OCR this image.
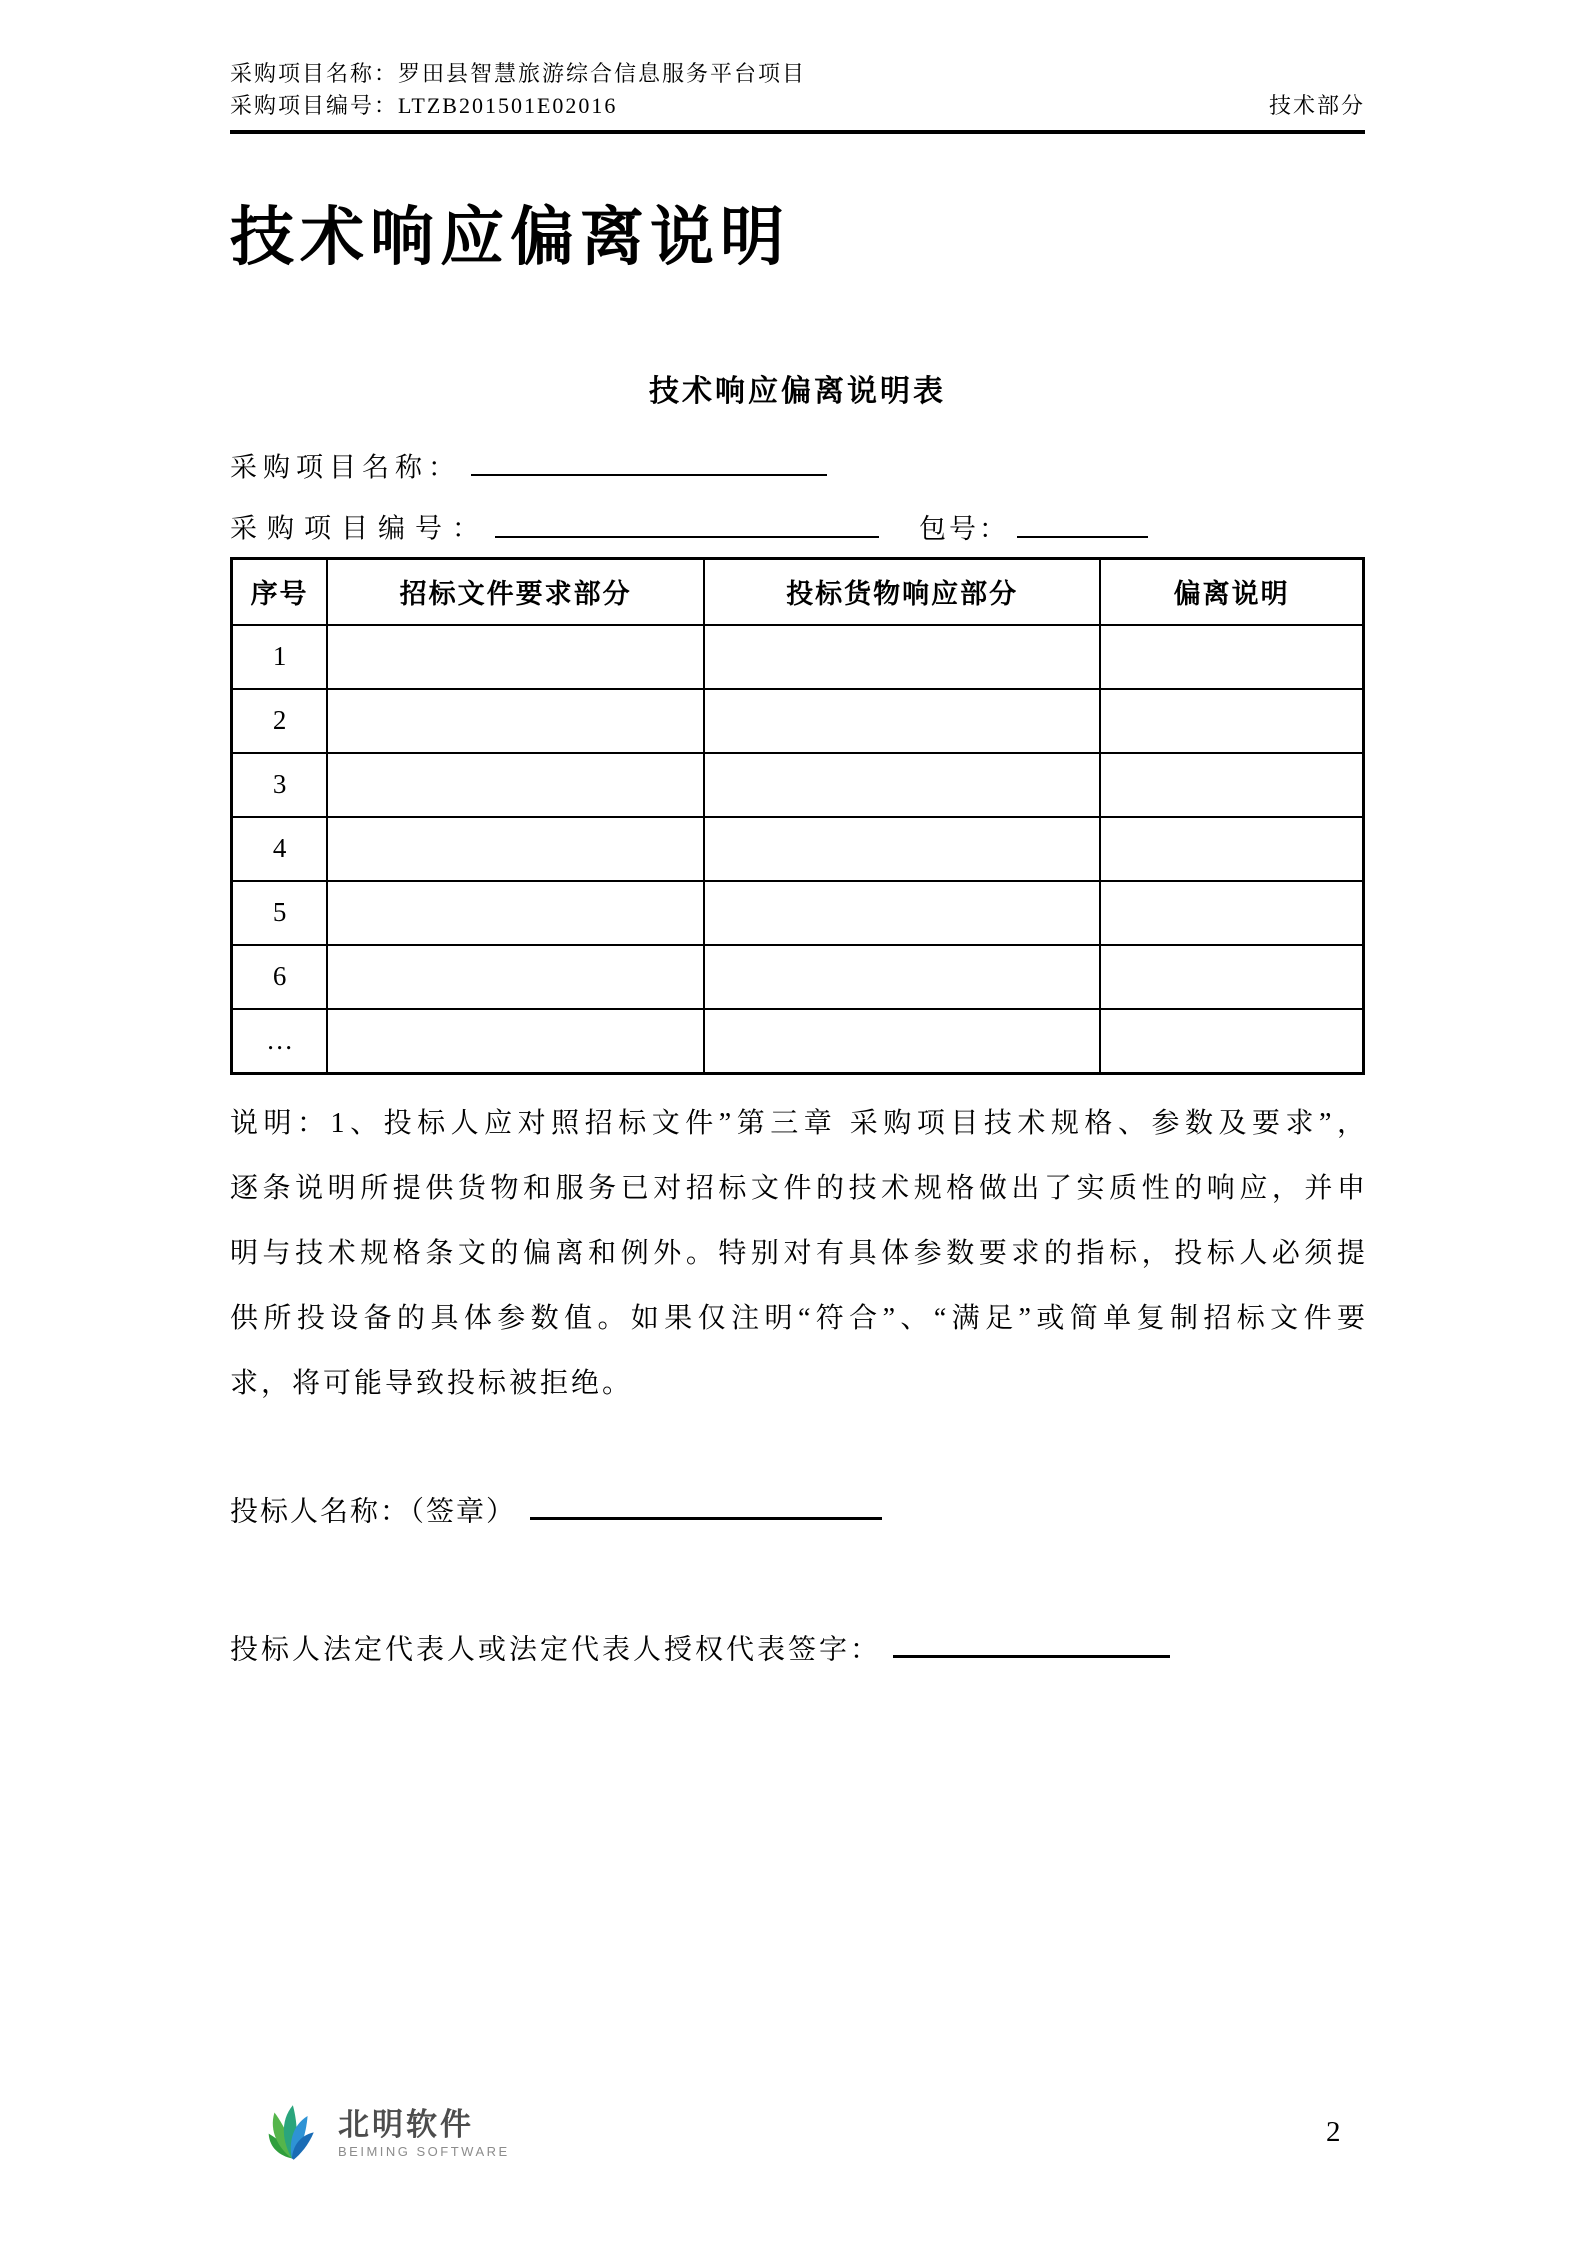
采购项目名称：罗田县智慧旅游综合信息服务平台项目
技术部分
采购项目编号：LTZB201501E02016
技术响应偏离说明
技术响应偏离说明表
采购项目名称：
采购项目编号：	包号：
序号	招标文件要求部分	投标货物响应部分	偏离说明
1			
2			
3			
4			
5			
6			
…			
说明：1、投标人应对照招标文件”第三章 采购项目技术规格、参数及要求”，
逐条说明所提供货物和服务已对招标文件的技术规格做出了实质性的响应，并申
明与技术规格条文的偏离和例外。特别对有具体参数要求的指标，投标人必须提
供所投设备的具体参数值。如果仅注明“符合”、“满足”或简单复制招标文件要
求，将可能导致投标被拒绝。
投标人名称：（签章）
投标人法定代表人或法定代表人授权代表签字：
北明软件
BEIMING SOFTWARE
2
